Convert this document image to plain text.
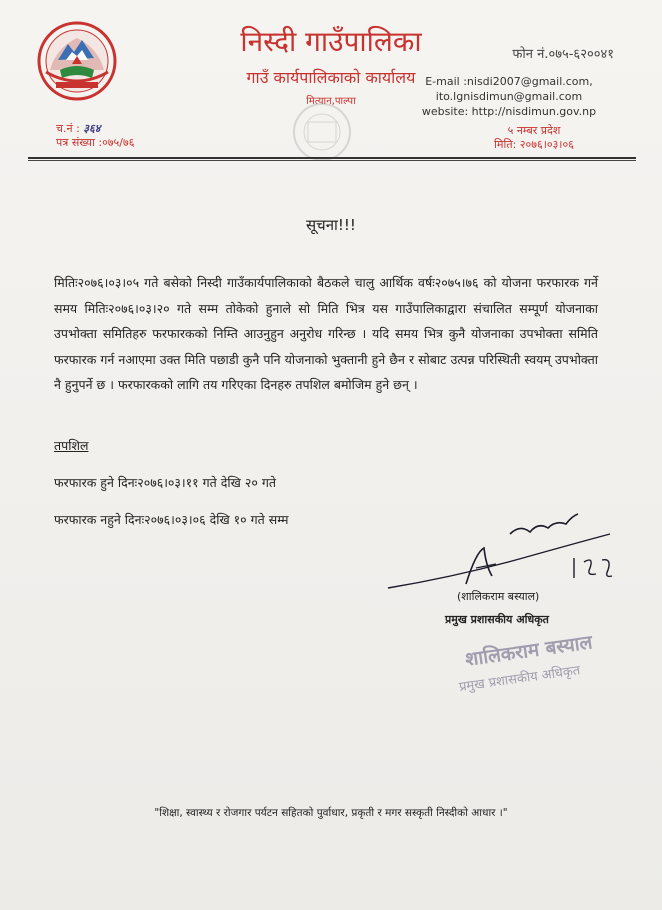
निस्दी गाउँपालिका
गाउँ कार्यपालिकाको कार्यालय
मित्यान,पाल्पा
फोन नं.०७५-६२००४१
E-mail :nisdi2007@gmail.com,
ito.lgnisdimun@gmail.com
website: http://nisdimun.gov.np
५ नम्बर प्रदेश
मिति: २०७६।०३।०६
च.नं : ३६४
पत्र संख्या :०७५/७६
सूचना!!!
मितिः२०७६।०३।०५ गते बसेको निस्दी गाउँकार्यपालिकाको बैठकले चालु आर्थिक वर्षः२०७५।७६ को योजना फरफारक गर्ने समय मितिः२०७६।०३।२० गते सम्म तोकेको हुनाले सो मिति भित्र यस गाउँपालिकाद्वारा संचालित सम्पूर्ण योजनाका उपभोक्ता समितिहरु फरफारकको निम्ति आउनुहुन अनुरोध गरिन्छ । यदि समय भित्र कुनै योजनाका उपभोक्ता समिति फरफारक गर्न नआएमा उक्त मिति पछाडी कुनै पनि योजनाको भुक्तानी हुने छैन र सोबाट उत्पन्न परिस्थिती स्वयम् उपभोक्ता नै हुनुपर्ने छ । फरफारकको लागि तय गरिएका दिनहरु तपशिल बमोजिम हुने छन् ।
तपशिल
फरफारक हुने दिनः२०७६।०३।११ गते देखि २० गते
फरफारक नहुने दिनः२०७६।०३।०६ देखि १० गते सम्म
(शालिकराम बस्याल)
प्रमुख प्रशासकीय अधिकृत
शालिकराम बस्याल
प्रमुख प्रशासकीय अधिकृत
"शिक्षा, स्वास्थ्य र रोजगार पर्यटन सहितको पुर्वाधार, प्रकृती र मगर सस्कृती निस्दीको आधार ।"
